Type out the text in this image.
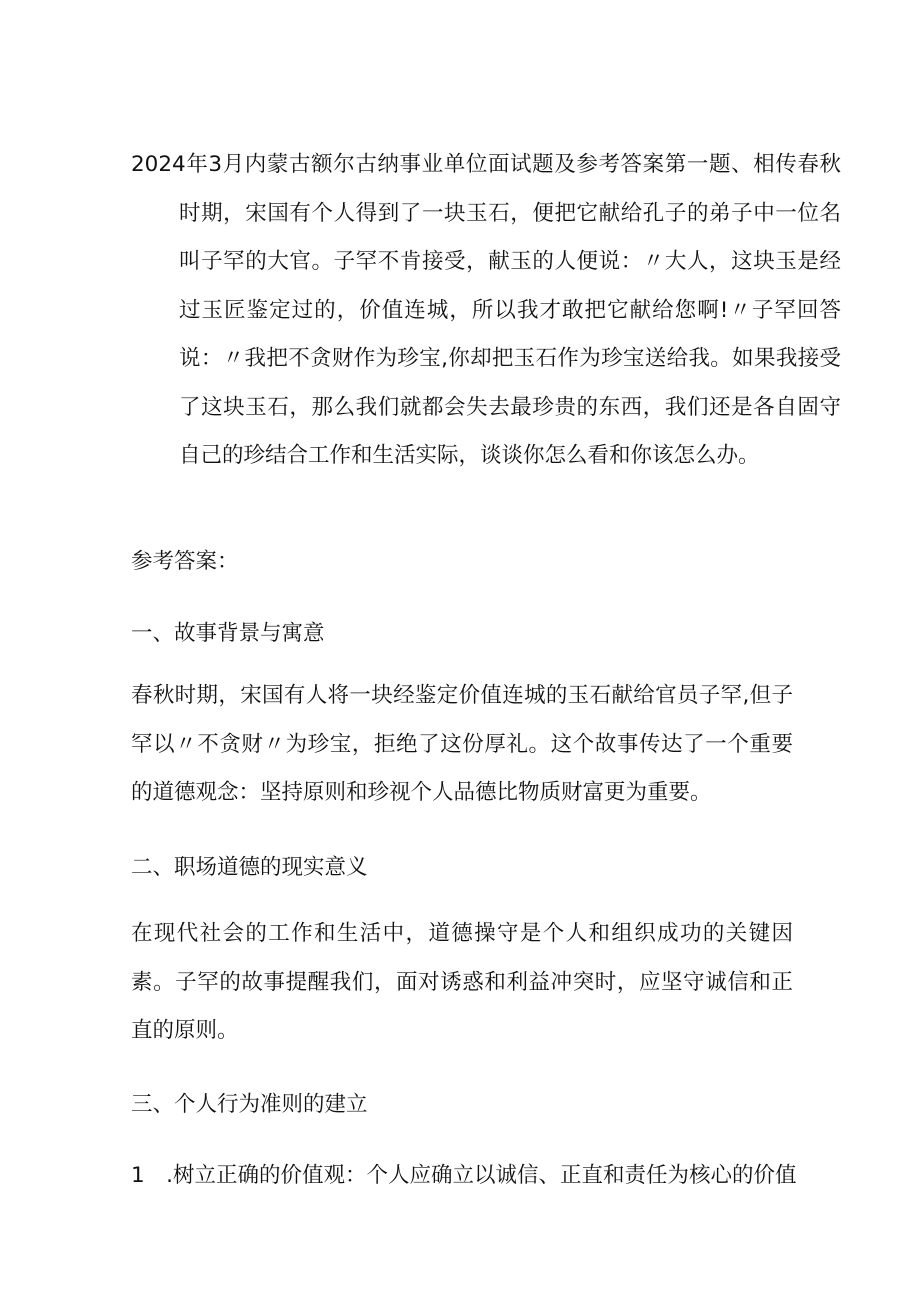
2024年3月内蒙古额尔古纳事业单位面试题及参考答案第一题、相传春秋时期，宋国有个人得到了一块玉石，便把它献给孔子的弟子中一位名叫子罕的大官。子罕不肯接受，献玉的人便说：〃大人，这块玉是经过玉匠鉴定过的，价值连城，所以我才敢把它献给您啊!〃子罕回答说：〃我把不贪财作为珍宝,你却把玉石作为珍宝送给我。如果我接受了这块玉石，那么我们就都会失去最珍贵的东西，我们还是各自固守自己的珍结合工作和生活实际，谈谈你怎么看和你该怎么办。

参考答案：

一、故事背景与寓意

春秋时期，宋国有人将一块经鉴定价值连城的玉石献给官员子罕,但子罕以〃不贪财〃为珍宝，拒绝了这份厚礼。这个故事传达了一个重要的道德观念：坚持原则和珍视个人品德比物质财富更为重要。

二、职场道德的现实意义

在现代社会的工作和生活中，道德操守是个人和组织成功的关键因素。子罕的故事提醒我们，面对诱惑和利益冲突时，应坚守诚信和正直的原则。

三、个人行为准则的建立

1　.树立正确的价值观：个人应确立以诚信、正直和责任为核心的价值
